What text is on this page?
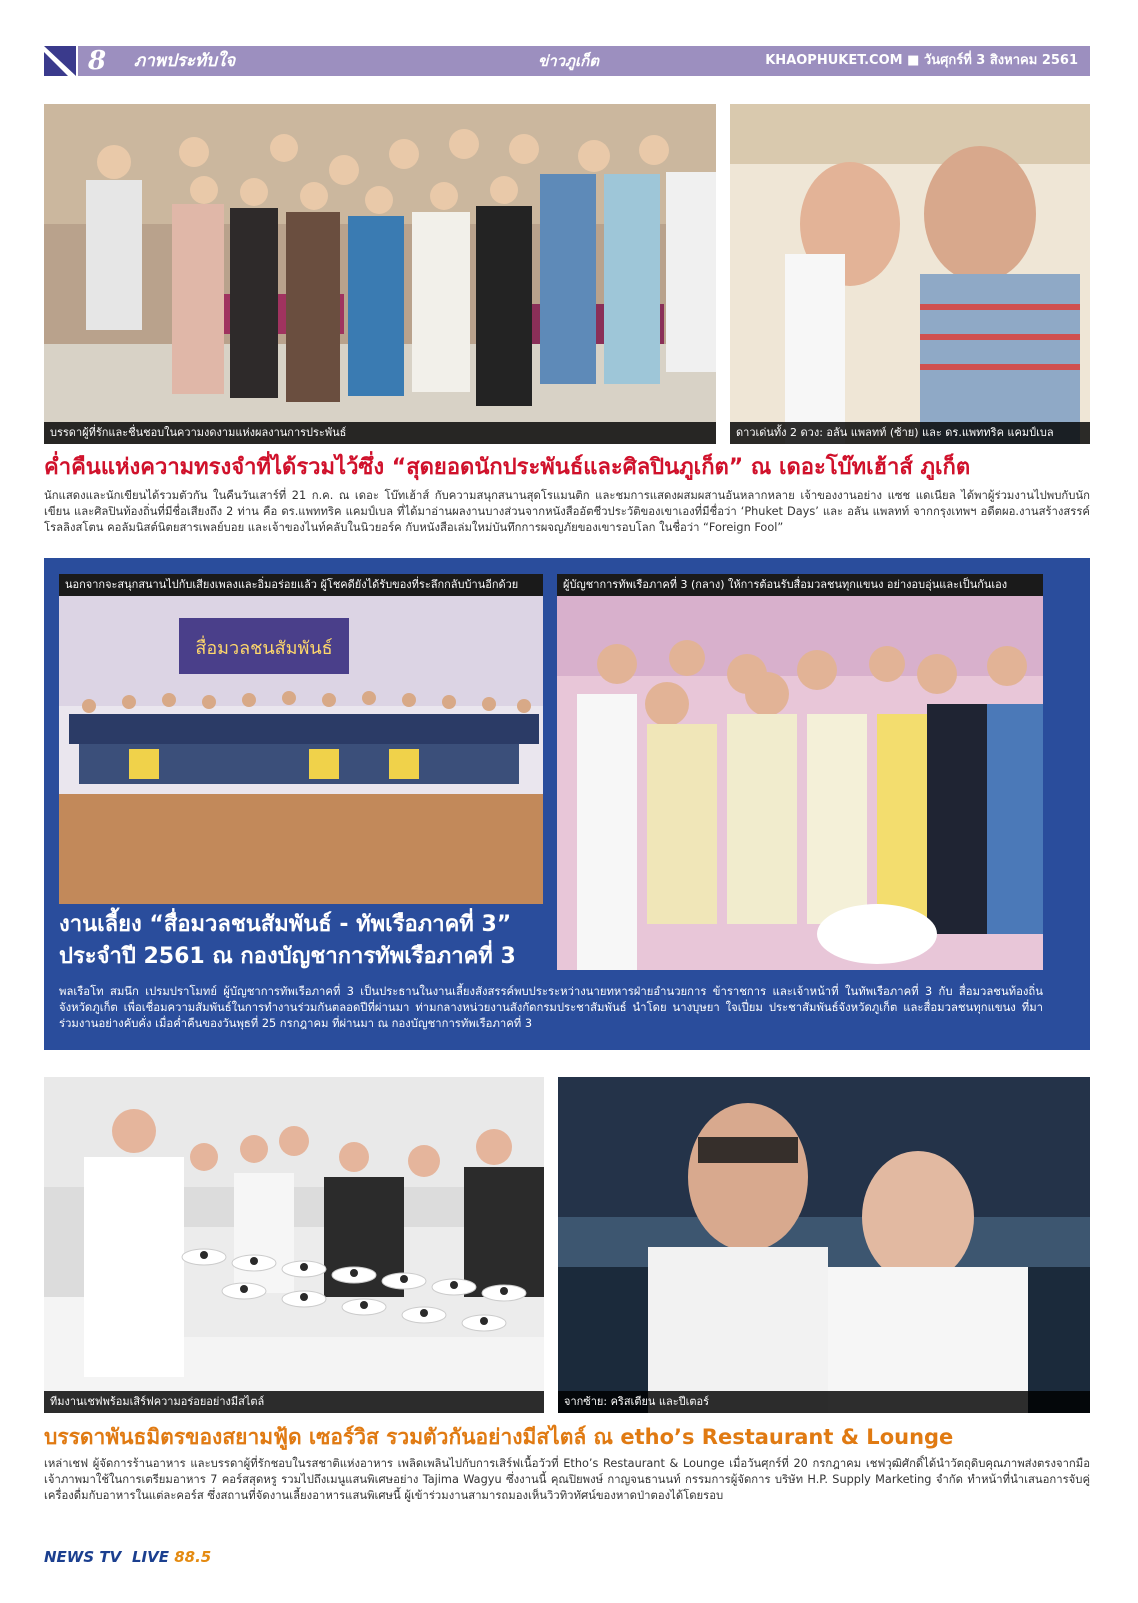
8 ภาพประทับใจ	ข่าวภูเก็ต	KHAOPHUKET.COM ■ วันศุกร์ที่ 3 สิงหาคม 2561
บรรดาผู้ที่รักและชื่นชอบในความงดงามแห่งผลงานการประพันธ์	ดาวเด่นทั้ง 2 ดวง: อลัน แพลทท์ (ซ้าย) และ ดร.แพททริค แคมป์เบล
ค่ำคืนแห่งความทรงจำที่ได้รวมไว้ซึ่ง “สุดยอดนักประพันธ์และศิลปินภูเก็ต” ณ เดอะโบ๊ทเฮ้าส์ ภูเก็ต
นักแสดงและนักเขียนได้รวมตัวกัน ในคืนวันเสาร์ที่ 21 ก.ค. ณ เดอะ โบ๊ทเฮ้าส์ กับความสนุกสนานสุดโรแมนติก และชมการแสดงผสมผสานอันหลากหลาย เจ้าของงานอย่าง แซช แดเนียล ได้พาผู้ร่วมงานไปพบกับนักเขียน และศิลปินท้องถิ่นที่มีชื่อเสียงถึง 2 ท่าน คือ ดร.แพททริค แคมป์เบล ที่ได้มาอ่านผลงานบางส่วนจากหนังสืออัตชีวประวัติของเขาเองที่มีชื่อว่า ‘Phuket Days’ และ อลัน แพลทท์ จากกรุงเทพฯ อดีตผอ.งานสร้างสรรค์โรลลิงสโตน คอลัมนิสต์นิตยสารเพลย์บอย และเจ้าของไนท์คลับในนิวยอร์ค กับหนังสือเล่มใหม่บันทึกการผจญภัยของเขารอบโลก ในชื่อว่า “Foreign Fool”
นอกจากจะสนุกสนานไปกับเสียงเพลงและอิ่มอร่อยแล้ว ผู้โชคดียังได้รับของที่ระลึกกลับบ้านอีกด้วย
สื่อมวลชนสัมพันธ์
ผู้บัญชาการทัพเรือภาคที่ 3 (กลาง) ให้การต้อนรับสื่อมวลชนทุกแขนง อย่างอบอุ่นและเป็นกันเอง
งานเลี้ยง “สื่อมวลชนสัมพันธ์ - ทัพเรือภาคที่ 3”
ประจำปี 2561 ณ กองบัญชาการทัพเรือภาคที่ 3
พลเรือโท สมนึก เปรมปราโมทย์ ผู้บัญชาการทัพเรือภาคที่ 3 เป็นประธานในงานเลี้ยงสังสรรค์พบประระหว่างนายทหารฝ่ายอำนวยการ ข้าราชการ และเจ้าหน้าที่ ในทัพเรือภาคที่ 3 กับ สื่อมวลชนท้องถิ่นจังหวัดภูเก็ต เพื่อเชื่อมความสัมพันธ์ในการทำงานร่วมกันตลอดปีที่ผ่านมา ท่ามกลางหน่วยงานสังกัดกรมประชาสัมพันธ์ นำโดย นางบุษยา ใจเปี่ยม ประชาสัมพันธ์จังหวัดภูเก็ต และสื่อมวลชนทุกแขนง ที่มาร่วมงานอย่างคับคั่ง เมื่อค่ำคืนของวันพุธที่ 25 กรกฎาคม ที่ผ่านมา ณ กองบัญชาการทัพเรือภาคที่ 3
ทีมงานเชฟพร้อมเสิร์ฟความอร่อยอย่างมีสไตล์	จากซ้าย: คริสเตียน และปีเตอร์
บรรดาพันธมิตรของสยามฟู้ด เซอร์วิส รวมตัวกันอย่างมีสไตล์ ณ etho’s Restaurant & Lounge
เหล่าเชฟ ผู้จัดการร้านอาหาร และบรรดาผู้ที่รักชอบในรสชาติแห่งอาหาร เพลิดเพลินไปกับการเสิร์ฟเนื้อวัวที่ Etho’s Restaurant & Lounge เมื่อวันศุกร์ที่ 20 กรกฎาคม เชฟวุฒิศักดิ์ได้นำวัตถุดิบคุณภาพส่งตรงจากมือเจ้าภาพมาใช้ในการเตรียมอาหาร 7 คอร์สสุดหรู รวมไปถึงเมนูแสนพิเศษอย่าง Tajima Wagyu ซึ่งงานนี้ คุณปิยพงษ์ กาญจนธานนท์ กรรมการผู้จัดการ บริษัท H.P. Supply Marketing จำกัด ทำหน้าที่นำเสนอการจับคู่เครื่องดื่มกับอาหารในแต่ละคอร์ส ซึ่งสถานที่จัดงานเลี้ยงอาหารแสนพิเศษนี้ ผู้เข้าร่วมงานสามารถมองเห็นวิวทิวทัศน์ของหาดป่าตองได้โดยรอบ
NEWS TV LIVE 88.5
